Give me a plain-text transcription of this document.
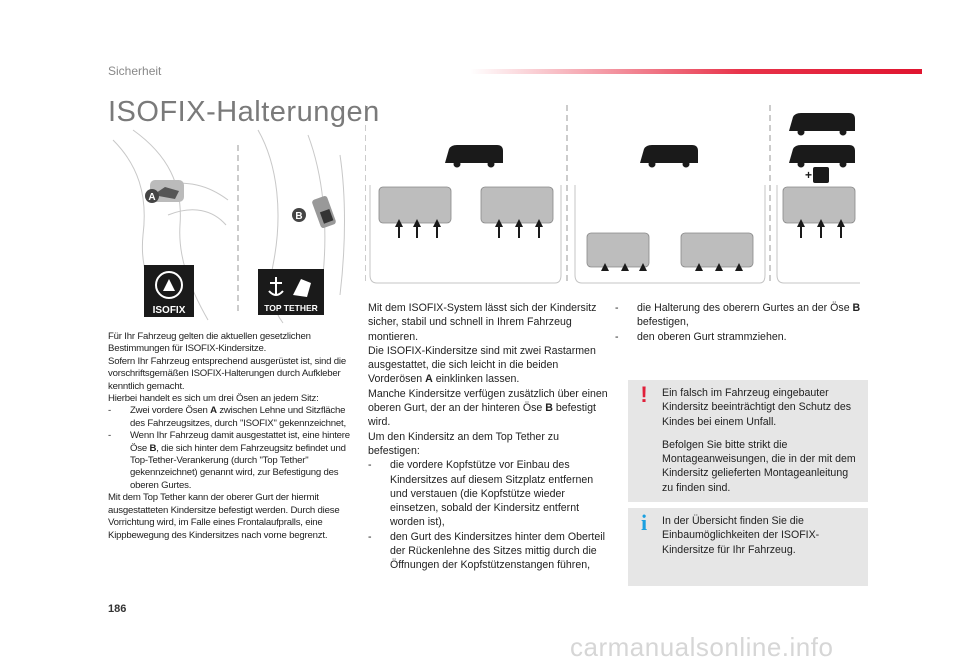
Sicherheit
ISOFIX-Halterungen
A
B
ISOFIX	TOP TETHER
+

Für Ihr Fahrzeug gelten die aktuellen gesetzlichen Bestimmungen für ISOFIX-Kindersitze.

Sofern Ihr Fahrzeug entsprechend ausgerüstet ist, sind die vorschriftsgemäßen ISOFIX-Halterungen durch Aufkleber kenntlich gemacht.

Hierbei handelt es sich um drei Ösen an jedem Sitz:

- Zwei vordere Ösen A zwischen Lehne und Sitzfläche des Fahrzeugsitzes, durch "ISOFIX" gekennzeichnet,

- Wenn Ihr Fahrzeug damit ausgestattet ist, eine hintere Öse B, die sich hinter dem Fahrzeugsitz befindet und Top-Tether-Verankerung (durch "Top Tether" gekennzeichnet) genannt wird, zur Befestigung des oberen Gurtes.

Mit dem Top Tether kann der oberer Gurt der hiermit ausgestatteten Kindersitze befestigt werden. Durch diese Vorrichtung wird, im Falle eines Frontalaufpralls, eine Kippbewegung des Kindersitzes nach vorne begrenzt.

Mit dem ISOFIX-System lässt sich der Kindersitz sicher, stabil und schnell in Ihrem Fahrzeug montieren.

Die ISOFIX-Kindersitze sind mit zwei Rastarmen ausgestattet, die sich leicht in die beiden Vorderösen A einklinken lassen.

Manche Kindersitze verfügen zusätzlich über einen oberen Gurt, der an der hinteren Öse B befestigt wird.

Um den Kindersitz an dem Top Tether zu befestigen:

- die vordere Kopfstütze vor Einbau des Kindersitzes auf diesem Sitzplatz entfernen und verstauen (die Kopfstütze wieder einsetzen, sobald der Kindersitz entfernt worden ist),

- den Gurt des Kindersitzes hinter dem Oberteil der Rückenlehne des Sitzes mittig durch die Öffnungen der Kopfstützenstangen führen,

- die Halterung des oberern Gurtes an der Öse B befestigen,

- den oberen Gurt strammziehen.

! Ein falsch im Fahrzeug eingebauter Kindersitz beeinträchtigt den Schutz des Kindes bei einem Unfall.

Befolgen Sie bitte strikt die Montageanweisungen, die in der mit dem Kindersitz gelieferten Montageanleitung zu finden sind.

i In der Übersicht finden Sie die Einbaumöglichkeiten der ISOFIX-Kindersitze für Ihr Fahrzeug.

186
carmanualsonline.info
